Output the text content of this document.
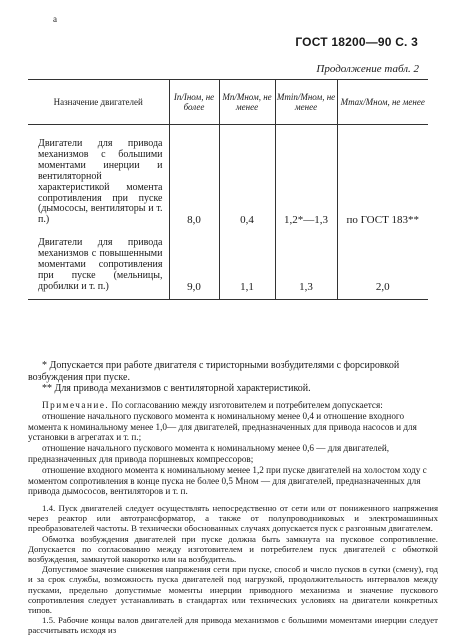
a
ГОСТ 18200—90 С. 3
Продолжение табл. 2
Назначение двигателей	Iп/Iном, не более	Mп/Mном, не менее	Mmin/Mном, не менее	Mmax/Mном, не менее
Двигатели для привода механизмов с большими моментами инерции и вентиляторной характеристикой момента сопротивления при пуске (дымососы, вентиляторы и т. п.)	8,0	0,4	1,2*—1,3	по ГОСТ 183**
Двигатели для привода механизмов с повышенными моментами сопротивления при пуске (мельницы, дробилки и т. п.)	9,0	1,1	1,3	2,0
* Допускается при работе двигателя с тиристорными возбудителями с форсировкой возбуждения при пуске.
** Для привода механизмов с вентиляторной характеристикой.
Примечание. По согласованию между изготовителем и потребителем допускается:
отношение начального пускового момента к номинальному менее 0,4 и отношение входного момента к номинальному менее 1,0— для двигателей, предназначенных для привода насосов и для установки в агрегатах и т. п.;
отношение начального пускового момента к номинальному менее 0,6 — для двигателей, предназначенных для привода поршневых компрессоров;
отношение входного момента к номинальному менее 1,2 при пуске двигателей на холостом ходу с моментом сопротивления в конце пуска не более 0,5 Mном — для двигателей, предназначенных для привода дымососов, вентиляторов и т. п.

1.4. Пуск двигателей следует осуществлять непосредственно от сети или от пониженного напряжения через реактор или автотрансформатор, а также от полупроводниковых и электромашинных преобразователей частоты. В технически обоснованных случаях допускается пуск с разгонным двигателем.

Обмотка возбуждения двигателей при пуске должна быть замкнута на пусковое сопротивление. Допускается по согласованию между изготовителем и потребителем пуск двигателей с обмоткой возбуждения, замкнутой накоротко или на возбудитель.

Допустимое значение снижения напряжения сети при пуске, способ и число пусков в сутки (смену), год и за срок службы, возможность пуска двигателей под нагрузкой, продолжительность интервалов между пусками, предельно допустимые моменты инерции приводного механизма и значение пускового сопротивления следует устанавливать в стандартах или технических условиях на двигатели конкретных типов.

1.5. Рабочие концы валов двигателей для привода механизмов с большими моментами инерции следует рассчитывать исходя из
